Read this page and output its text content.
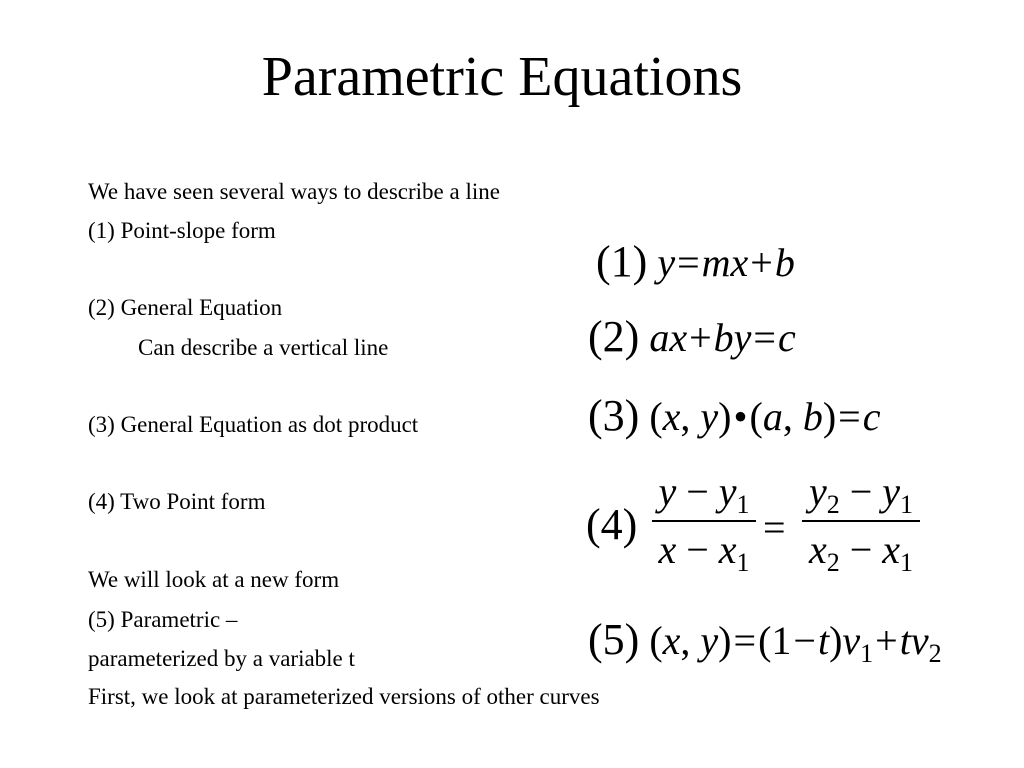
Parametric Equations
We have seen several ways to describe a line
(1) Point-slope form
(2) General Equation
Can describe a vertical line
(3) General Equation as dot product
(4) Two Point form
We will look at a new form
(5) Parametric –
parameterized by a variable t
First, we look at parameterized versions of other curves
(1) y=mx+b
(2) ax+by=c
(3) (x, y)•(a, b)=c
(4)
$y - y_1$
$x - x_1$
=
$y_2 - y_1$
$x_2 - x_1$
(5) (x, $y)=(1-t)v_1+tv_2$
